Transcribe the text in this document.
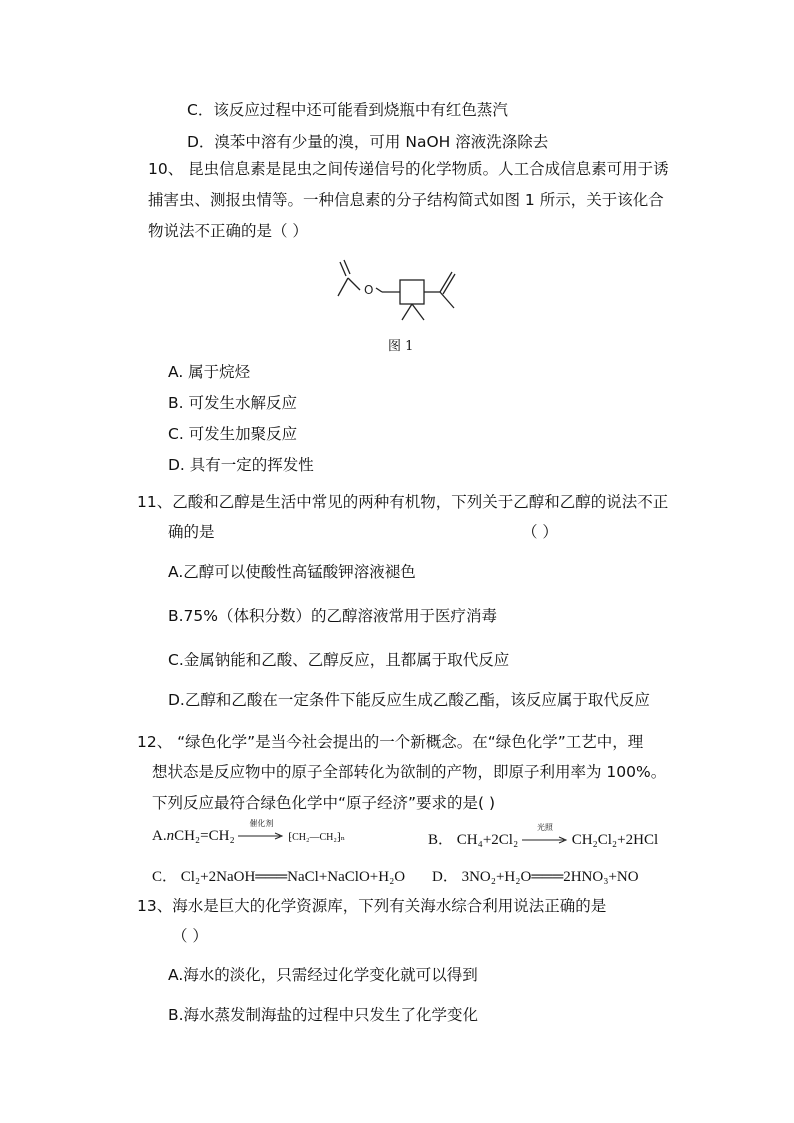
C．该反应过程中还可能看到烧瓶中有红色蒸汽
D．溴苯中溶有少量的溴，可用 NaOH 溶液洗涤除去
10、 昆虫信息素是昆虫之间传递信号的化学物质。人工合成信息素可用于诱
捕害虫、测报虫情等。一种信息素的分子结构简式如图 1 所示，关于该化合
物说法不正确的是（ ）
O
图 1
A. 属于烷烃
B. 可发生水解反应
C. 可发生加聚反应
D. 具有一定的挥发性
11、乙酸和乙醇是生活中常见的两种有机物，下列关于乙醇和乙醇的说法不正
确的是	（ ）
A.乙醇可以使酸性高锰酸钾溶液褪色
B.75%（体积分数）的乙醇溶液常用于医疗消毒
C.金属钠能和乙酸、乙醇反应，且都属于取代反应
D.乙醇和乙酸在一定条件下能反应生成乙酸乙酯，该反应属于取代反应
12、 “绿色化学”是当今社会提出的一个新概念。在“绿色化学”工艺中，理
想状态是反应物中的原子全部转化为欲制的产物，即原子利用率为 100%。
下列反应最符合绿色化学中“原子经济”要求的是( )
A.nCH₂=CH₂
催化剂
⁅CH₂—CH₂⁆ₙ	B． CH₄+2Cl₂
光照
CH₂Cl₂+2HCl
C． Cl₂+2NaOH═══NaCl+NaClO+H₂O D． 3NO₂+H₂O═══2HNO₃+NO
13、海水是巨大的化学资源库，下列有关海水综合利用说法正确的是
（ ）
A.海水的淡化，只需经过化学变化就可以得到
B.海水蒸发制海盐的过程中只发生了化学变化
